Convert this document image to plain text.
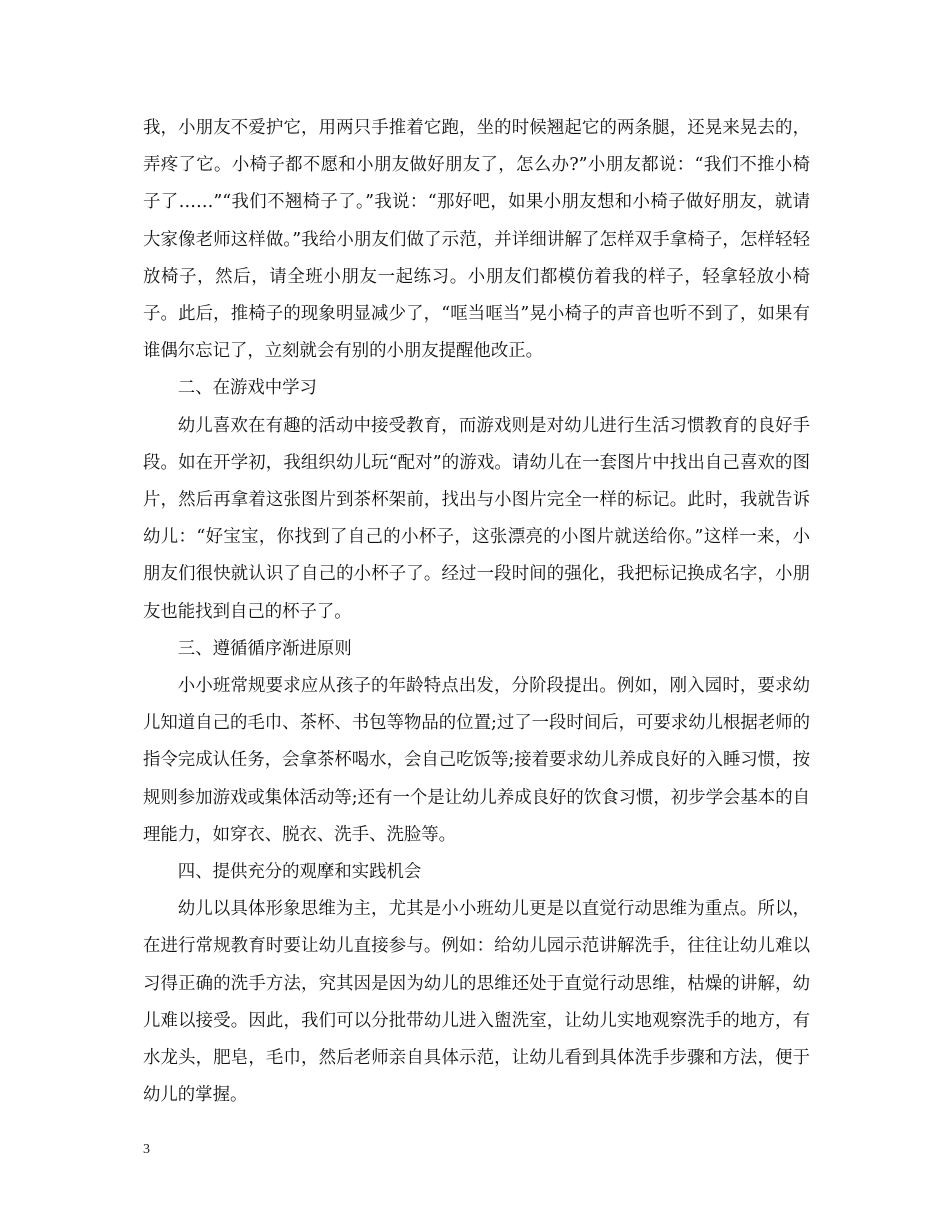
我，小朋友不爱护它，用两只手推着它跑，坐的时候翘起它的两条腿，还晃来晃去的，弄疼了它。小椅子都不愿和小朋友做好朋友了，怎么办?”小朋友都说：“我们不推小椅子了……”“我们不翘椅子了。”我说：“那好吧，如果小朋友想和小椅子做好朋友，就请大家像老师这样做。”我给小朋友们做了示范，并详细讲解了怎样双手拿椅子，怎样轻轻放椅子，然后，请全班小朋友一起练习。小朋友们都模仿着我的样子，轻拿轻放小椅子。此后，推椅子的现象明显减少了，“哐当哐当”晃小椅子的声音也听不到了，如果有谁偶尔忘记了，立刻就会有别的小朋友提醒他改正。

二、在游戏中学习

幼儿喜欢在有趣的活动中接受教育，而游戏则是对幼儿进行生活习惯教育的良好手段。如在开学初，我组织幼儿玩“配对”的游戏。请幼儿在一套图片中找出自己喜欢的图片，然后再拿着这张图片到茶杯架前，找出与小图片完全一样的标记。此时，我就告诉幼儿：“好宝宝，你找到了自己的小杯子，这张漂亮的小图片就送给你。”这样一来，小朋友们很快就认识了自己的小杯子了。经过一段时间的强化，我把标记换成名字，小朋友也能找到自己的杯子了。

三、遵循循序渐进原则

小小班常规要求应从孩子的年龄特点出发，分阶段提出。例如，刚入园时，要求幼儿知道自己的毛巾、茶杯、书包等物品的位置;过了一段时间后，可要求幼儿根据老师的指令完成认任务，会拿茶杯喝水，会自己吃饭等;接着要求幼儿养成良好的入睡习惯，按规则参加游戏或集体活动等;还有一个是让幼儿养成良好的饮食习惯，初步学会基本的自理能力，如穿衣、脱衣、洗手、洗脸等。

四、提供充分的观摩和实践机会

幼儿以具体形象思维为主，尤其是小小班幼儿更是以直觉行动思维为重点。所以，在进行常规教育时要让幼儿直接参与。例如：给幼儿园示范讲解洗手，往往让幼儿难以习得正确的洗手方法，究其因是因为幼儿的思维还处于直觉行动思维，枯燥的讲解，幼儿难以接受。因此，我们可以分批带幼儿进入盥洗室，让幼儿实地观察洗手的地方，有水龙头，肥皂，毛巾，然后老师亲自具体示范，让幼儿看到具体洗手步骤和方法，便于幼儿的掌握。

3
